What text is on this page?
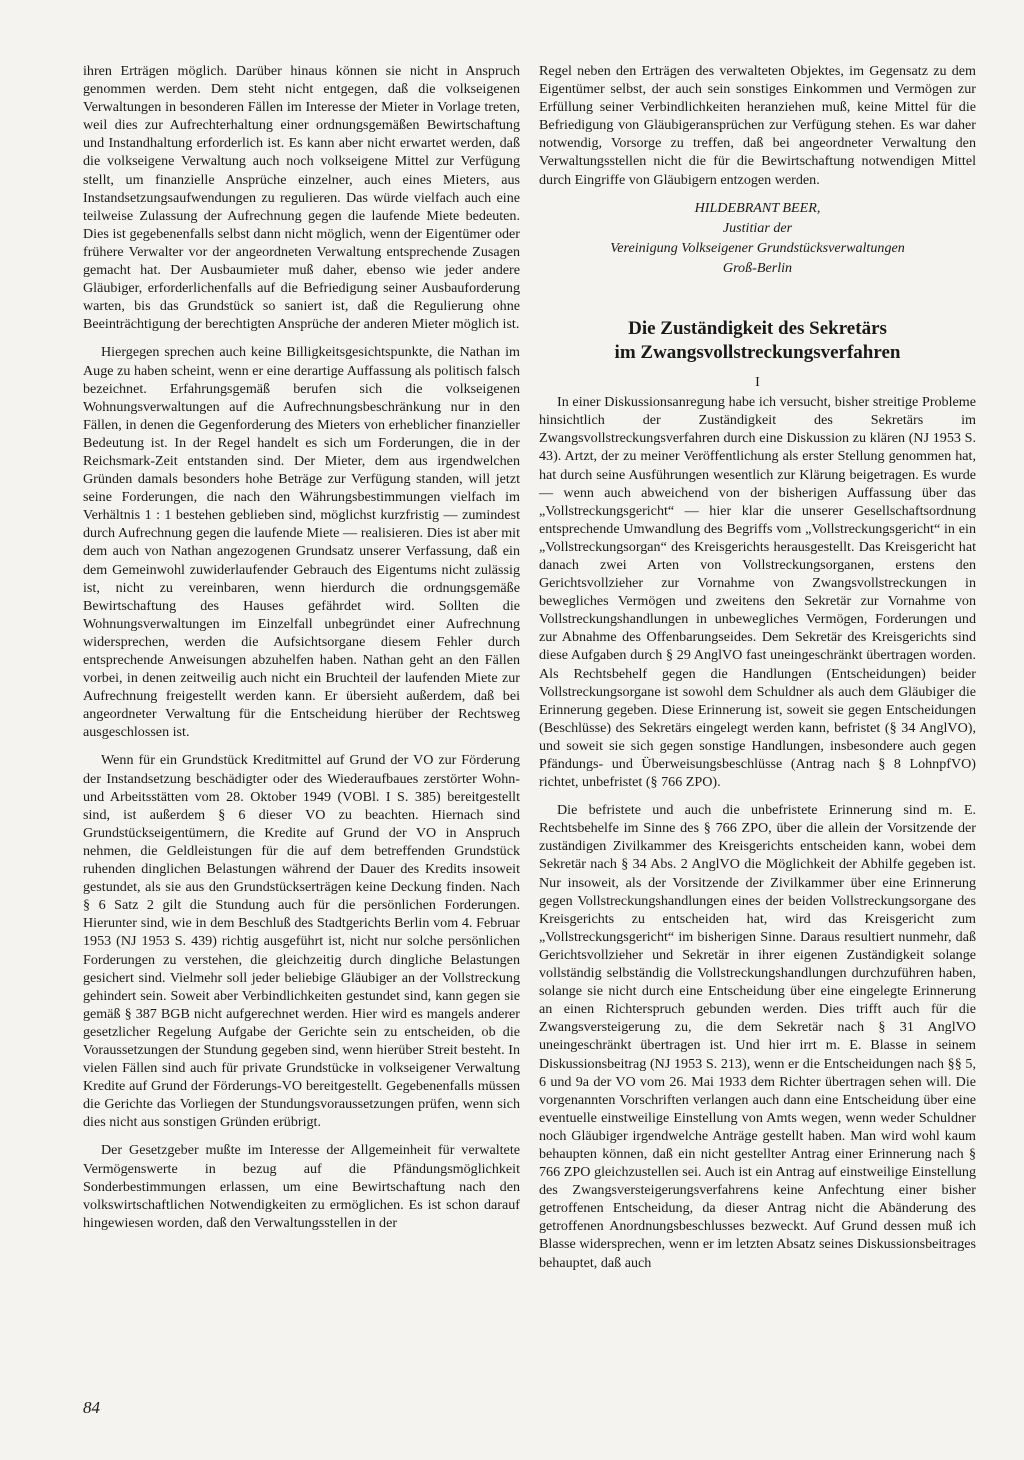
ihren Erträgen möglich. Darüber hinaus können sie nicht in Anspruch genommen werden. Dem steht nicht entgegen, daß die volkseigenen Verwaltungen in besonderen Fällen im Interesse der Mieter in Vorlage treten, weil dies zur Aufrechterhaltung einer ordnungsgemäßen Bewirtschaftung und Instandhaltung erforderlich ist. Es kann aber nicht erwartet werden, daß die volkseigene Verwaltung auch noch volkseigene Mittel zur Verfügung stellt, um finanzielle Ansprüche einzelner, auch eines Mieters, aus Instandsetzungsaufwendungen zu regulieren. Das würde vielfach auch eine teilweise Zulassung der Aufrechnung gegen die laufende Miete bedeuten. Dies ist gegebenenfalls selbst dann nicht möglich, wenn der Eigentümer oder frühere Verwalter vor der angeordneten Verwaltung entsprechende Zusagen gemacht hat. Der Ausbaumieter muß daher, ebenso wie jeder andere Gläubiger, erforderlichenfalls auf die Befriedigung seiner Ausbauforderung warten, bis das Grundstück so saniert ist, daß die Regulierung ohne Beeinträchtigung der berechtigten Ansprüche der anderen Mieter möglich ist.

Hiergegen sprechen auch keine Billigkeitsgesichtspunkte, die Nathan im Auge zu haben scheint, wenn er eine derartige Auffassung als politisch falsch bezeichnet. Erfahrungsgemäß berufen sich die volkseigenen Wohnungsverwaltungen auf die Aufrechnungsbeschränkung nur in den Fällen, in denen die Gegenforderung des Mieters von erheblicher finanzieller Bedeutung ist. In der Regel handelt es sich um Forderungen, die in der Reichsmark-Zeit entstanden sind. Der Mieter, dem aus irgendwelchen Gründen damals besonders hohe Beträge zur Verfügung standen, will jetzt seine Forderungen, die nach den Währungsbestimmungen vielfach im Verhältnis 1 : 1 bestehen geblieben sind, möglichst kurzfristig — zumindest durch Aufrechnung gegen die laufende Miete — realisieren. Dies ist aber mit dem auch von Nathan angezogenen Grundsatz unserer Verfassung, daß ein dem Gemeinwohl zuwiderlaufender Gebrauch des Eigentums nicht zulässig ist, nicht zu vereinbaren, wenn hierdurch die ordnungsgemäße Bewirtschaftung des Hauses gefährdet wird. Sollten die Wohnungsverwaltungen im Einzelfall unbegründet einer Aufrechnung widersprechen, werden die Aufsichtsorgane diesem Fehler durch entsprechende Anweisungen abzuhelfen haben. Nathan geht an den Fällen vorbei, in denen zeitweilig auch nicht ein Bruchteil der laufenden Miete zur Aufrechnung freigestellt werden kann. Er übersieht außerdem, daß bei angeordneter Verwaltung für die Entscheidung hierüber der Rechtsweg ausgeschlossen ist.

Wenn für ein Grundstück Kreditmittel auf Grund der VO zur Förderung der Instandsetzung beschädigter oder des Wiederaufbaues zerstörter Wohn- und Arbeitsstätten vom 28. Oktober 1949 (VOBl. I S. 385) bereitgestellt sind, ist außerdem § 6 dieser VO zu beachten. Hiernach sind Grundstückseigentümern, die Kredite auf Grund der VO in Anspruch nehmen, die Geldleistungen für die auf dem betreffenden Grundstück ruhenden dinglichen Belastungen während der Dauer des Kredits insoweit gestundet, als sie aus den Grundstückserträgen keine Deckung finden. Nach § 6 Satz 2 gilt die Stundung auch für die persönlichen Forderungen. Hierunter sind, wie in dem Beschluß des Stadtgerichts Berlin vom 4. Februar 1953 (NJ 1953 S. 439) richtig ausgeführt ist, nicht nur solche persönlichen Forderungen zu verstehen, die gleichzeitig durch dingliche Belastungen gesichert sind. Vielmehr soll jeder beliebige Gläubiger an der Vollstreckung gehindert sein. Soweit aber Verbindlichkeiten gestundet sind, kann gegen sie gemäß § 387 BGB nicht aufgerechnet werden. Hier wird es mangels anderer gesetzlicher Regelung Aufgabe der Gerichte sein zu entscheiden, ob die Voraussetzungen der Stundung gegeben sind, wenn hierüber Streit besteht. In vielen Fällen sind auch für private Grundstücke in volkseigener Verwaltung Kredite auf Grund der Förderungs-VO bereitgestellt. Gegebenenfalls müssen die Gerichte das Vorliegen der Stundungsvoraussetzungen prüfen, wenn sich dies nicht aus sonstigen Gründen erübrigt.

Der Gesetzgeber mußte im Interesse der Allgemeinheit für verwaltete Vermögenswerte in bezug auf die Pfändungsmöglichkeit Sonderbestimmungen erlassen, um eine Bewirtschaftung nach den volkswirtschaftlichen Notwendigkeiten zu ermöglichen. Es ist schon darauf hingewiesen worden, daß den Verwaltungsstellen in der

Regel neben den Erträgen des verwalteten Objektes, im Gegensatz zu dem Eigentümer selbst, der auch sein sonstiges Einkommen und Vermögen zur Erfüllung seiner Verbindlichkeiten heranziehen muß, keine Mittel für die Befriedigung von Gläubigeransprüchen zur Verfügung stehen. Es war daher notwendig, Vorsorge zu treffen, daß bei angeordneter Verwaltung den Verwaltungsstellen nicht die für die Bewirtschaftung notwendigen Mittel durch Eingriffe von Gläubigern entzogen werden.

HILDEBRANT BEER,
Justitiar der
Vereinigung Volkseigener Grundstücksverwaltungen
Groß-Berlin
Die Zuständigkeit des Sekretärs
im Zwangsvollstreckungsverfahren
I

In einer Diskussionsanregung habe ich versucht, bisher streitige Probleme hinsichtlich der Zuständigkeit des Sekretärs im Zwangsvollstreckungsverfahren durch eine Diskussion zu klären (NJ 1953 S. 43). Artzt, der zu meiner Veröffentlichung als erster Stellung genommen hat, hat durch seine Ausführungen wesentlich zur Klärung beigetragen. Es wurde — wenn auch abweichend von der bisherigen Auffassung über das „Vollstreckungsgericht“ — hier klar die unserer Gesellschaftsordnung entsprechende Umwandlung des Begriffs vom „Vollstreckungsgericht“ in ein „Vollstreckungsorgan“ des Kreisgerichts herausgestellt. Das Kreisgericht hat danach zwei Arten von Vollstreckungsorganen, erstens den Gerichtsvollzieher zur Vornahme von Zwangsvollstreckungen in bewegliches Vermögen und zweitens den Sekretär zur Vornahme von Vollstreckungshandlungen in unbewegliches Vermögen, Forderungen und zur Abnahme des Offenbarungseides. Dem Sekretär des Kreisgerichts sind diese Aufgaben durch § 29 AnglVO fast uneingeschränkt übertragen worden. Als Rechtsbehelf gegen die Handlungen (Entscheidungen) beider Vollstreckungsorgane ist sowohl dem Schuldner als auch dem Gläubiger die Erinnerung gegeben. Diese Erinnerung ist, soweit sie gegen Entscheidungen (Beschlüsse) des Sekretärs eingelegt werden kann, befristet (§ 34 AnglVO), und soweit sie sich gegen sonstige Handlungen, insbesondere auch gegen Pfändungs- und Überweisungsbeschlüsse (Antrag nach § 8 LohnpfVO) richtet, unbefristet (§ 766 ZPO).

Die befristete und auch die unbefristete Erinnerung sind m. E. Rechtsbehelfe im Sinne des § 766 ZPO, über die allein der Vorsitzende der zuständigen Zivilkammer des Kreisgerichts entscheiden kann, wobei dem Sekretär nach § 34 Abs. 2 AnglVO die Möglichkeit der Abhilfe gegeben ist. Nur insoweit, als der Vorsitzende der Zivilkammer über eine Erinnerung gegen Vollstreckungshandlungen eines der beiden Vollstreckungsorgane des Kreisgerichts zu entscheiden hat, wird das Kreisgericht zum „Vollstreckungsgericht“ im bisherigen Sinne. Daraus resultiert nunmehr, daß Gerichtsvollzieher und Sekretär in ihrer eigenen Zuständigkeit solange vollständig selbständig die Vollstreckungshandlungen durchzuführen haben, solange sie nicht durch eine Entscheidung über eine eingelegte Erinnerung an einen Richterspruch gebunden werden. Dies trifft auch für die Zwangsversteigerung zu, die dem Sekretär nach § 31 AnglVO uneingeschränkt übertragen ist. Und hier irrt m. E. Blasse in seinem Diskussionsbeitrag (NJ 1953 S. 213), wenn er die Entscheidungen nach §§ 5, 6 und 9a der VO vom 26. Mai 1933 dem Richter übertragen sehen will. Die vorgenannten Vorschriften verlangen auch dann eine Entscheidung über eine eventuelle einstweilige Einstellung von Amts wegen, wenn weder Schuldner noch Gläubiger irgendwelche Anträge gestellt haben. Man wird wohl kaum behaupten können, daß ein nicht gestellter Antrag einer Erinnerung nach § 766 ZPO gleichzustellen sei. Auch ist ein Antrag auf einstweilige Einstellung des Zwangsversteigerungsverfahrens keine Anfechtung einer bisher getroffenen Entscheidung, da dieser Antrag nicht die Abänderung des getroffenen Anordnungsbeschlusses bezweckt. Auf Grund dessen muß ich Blasse widersprechen, wenn er im letzten Absatz seines Diskussionsbeitrages behauptet, daß auch

84
